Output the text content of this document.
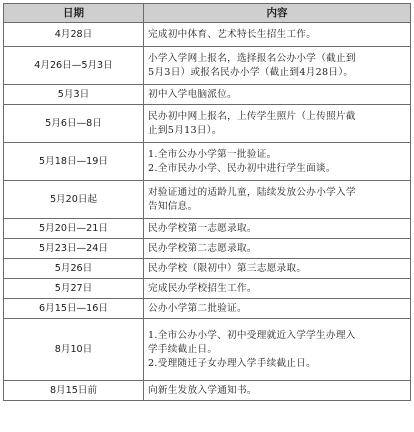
日期	内容
4月28日	完成初中体育、艺术特长生招生工作。

4月26日—5月3日	小学入学网上报名，选择报名公办小学（截止到
5月3日）或报名民办小学（截止到4月28日）。

5月3日	初中入学电脑派位。

5月6日—8日	民办初中网上报名，上传学生照片（上传照片截
止到5月13日）。

5月18日—19日	1.全市公办小学第一批验证。
2.全市民办小学、民办初中进行学生面谈。

5月20日起	对验证通过的适龄儿童，陆续发放公办小学入学
告知信息。

5月20日—21日	民办学校第一志愿录取。

5月23日—24日	民办学校第二志愿录取。

5月26日	民办学校（限初中）第三志愿录取。

5月27日	完成民办学校招生工作。

6月15日—16日	公办小学第二批验证。

8月10日	1.全市公办小学、初中受理就近入学学生办理入
学手续截止日。
2.受理随迁子女办理入学手续截止日。

8月15日前	向新生发放入学通知书。
